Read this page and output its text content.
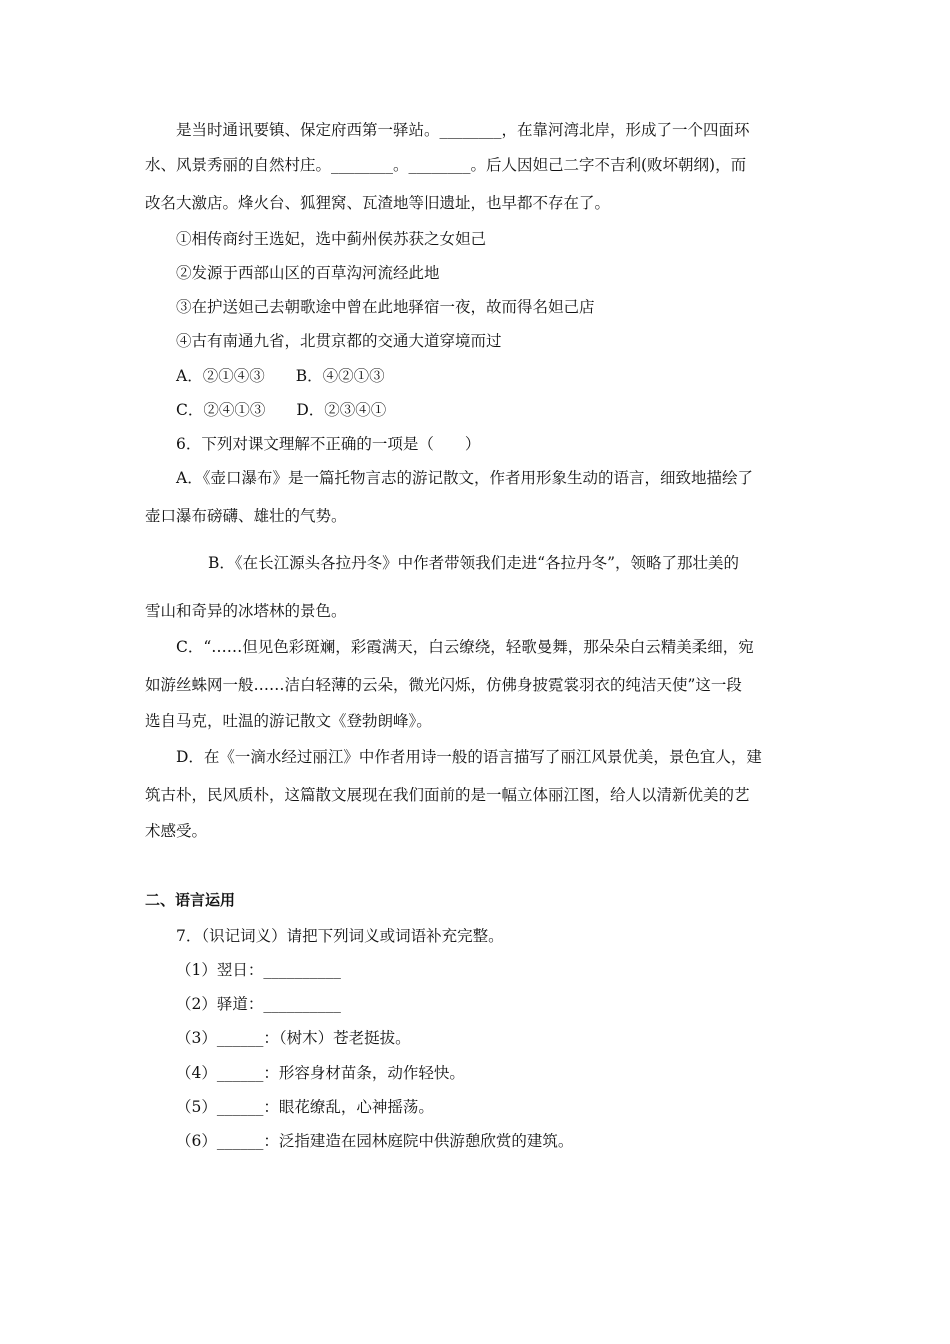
是当时通讯要镇、保定府西第一驿站。________，在靠河湾北岸，形成了一个四面环
水、风景秀丽的自然村庄。________。________。后人因妲己二字不吉利(败坏朝纲)，而
改名大激店。烽火台、狐狸窝、瓦渣地等旧遗址，也早都不存在了。
①相传商纣王选妃，选中蓟州侯苏获之女妲己
②发源于西部山区的百草沟河流经此地
③在护送妲己去朝歌途中曾在此地驿宿一夜，故而得名妲己店
④古有南通九省，北贯京都的交通大道穿境而过
A．②①④③　　B．④②①③
C．②④①③　　D．②③④①
6．下列对课文理解不正确的一项是（　　）
A．《壶口瀑布》是一篇托物言志的游记散文，作者用形象生动的语言，细致地描绘了
壶口瀑布磅礴、雄壮的气势。
B．《在长江源头各拉丹冬》中作者带领我们走进“各拉丹冬”，领略了那壮美的
雪山和奇异的冰塔林的景色。
C．“……但见色彩斑斓，彩霞满天，白云缭绕，轻歌曼舞，那朵朵白云精美柔细，宛
如游丝蛛网一般……洁白轻薄的云朵，微光闪烁，仿佛身披霓裳羽衣的纯洁天使”这一段
选自马克，吐温的游记散文《登勃朗峰》。
D．在《一滴水经过丽江》中作者用诗一般的语言描写了丽江风景优美，景色宜人，建
筑古朴，民风质朴，这篇散文展现在我们面前的是一幅立体丽江图，给人以清新优美的艺
术感受。
二、语言运用
7．（识记词义）请把下列词义或词语补充完整。
（1）翌日：__________
（2）驿道：__________
（3）______：（树木）苍老挺拔。
（4）______：形容身材苗条，动作轻快。
（5）______：眼花缭乱，心神摇荡。
（6）______：泛指建造在园林庭院中供游憩欣赏的建筑。
